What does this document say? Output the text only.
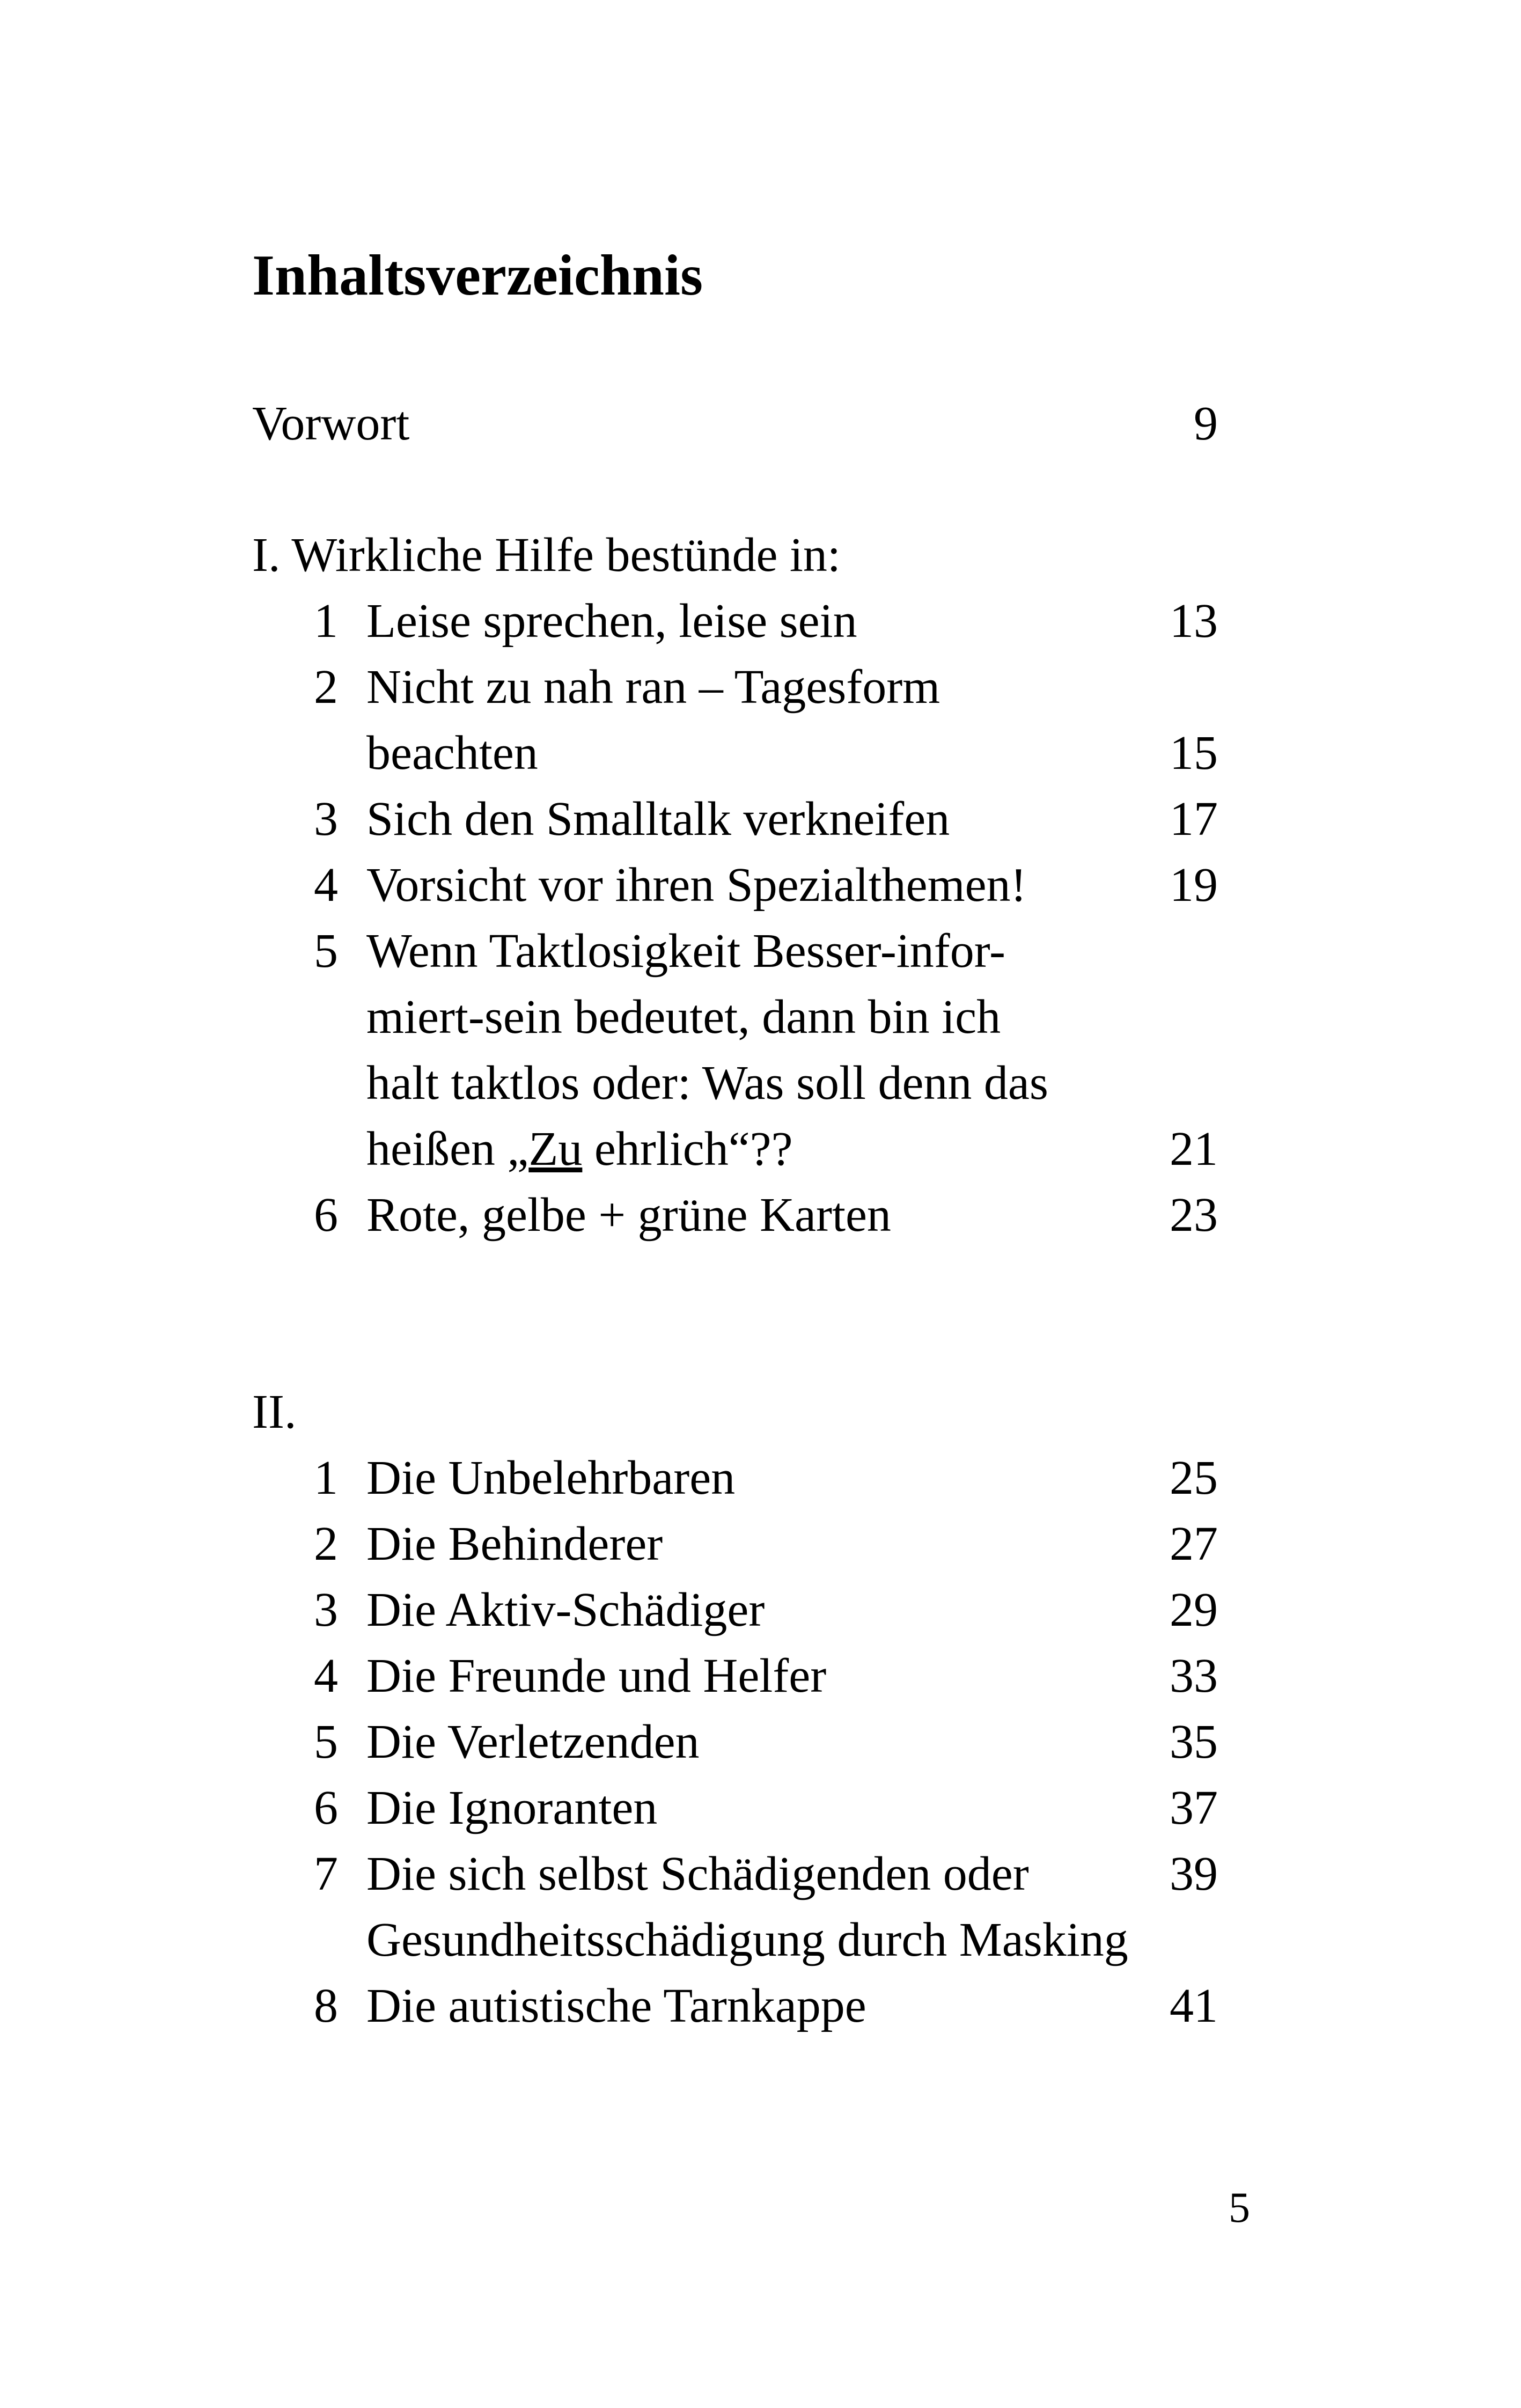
Inhaltsverzeichnis
Vorwort	9
I. Wirkliche Hilfe bestünde in:
1 Leise sprechen, leise sein	13
2 Nicht zu nah ran – Tagesform
beachten	15
3 Sich den Smalltalk verkneifen	17
4 Vorsicht vor ihren Spezialthemen!	19
5 Wenn Taktlosigkeit Besser-infor-
miert-sein bedeutet, dann bin ich
halt taktlos oder: Was soll denn das
heißen „Zu ehrlich“??	21
6 Rote, gelbe + grüne Karten	23
II.
1 Die Unbelehrbaren	25
2 Die Behinderer	27
3 Die Aktiv-Schädiger	29
4 Die Freunde und Helfer	33
5 Die Verletzenden	35
6 Die Ignoranten	37
7 Die sich selbst Schädigenden oder	39
Gesundheitsschädigung durch Masking
8 Die autistische Tarnkappe	41
5
